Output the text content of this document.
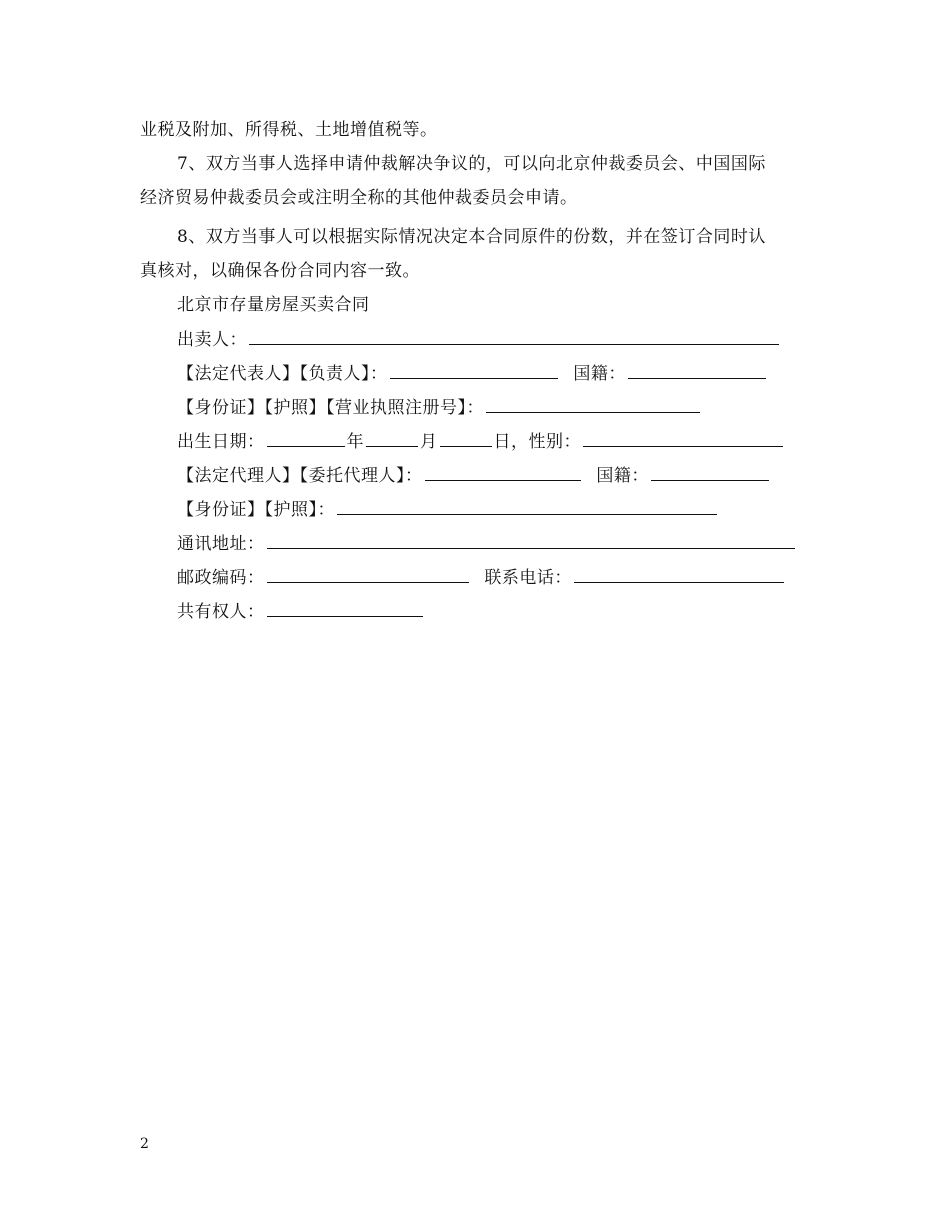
业税及附加、所得税、土地增值税等。
7、双方当事人选择申请仲裁解决争议的，可以向北京仲裁委员会、中国国际
经济贸易仲裁委员会或注明全称的其他仲裁委员会申请。
8、双方当事人可以根据实际情况决定本合同原件的份数，并在签订合同时认
真核对，以确保各份合同内容一致。
北京市存量房屋买卖合同
出卖人：
【法定代表人】【负责人】：	国籍：
【身份证】【护照】【营业执照注册号】：
出生日期：	年	月	日，性别：
【法定代理人】【委托代理人】：	国籍：
【身份证】【护照】：
通讯地址：
邮政编码：	联系电话：
共有权人：
2
